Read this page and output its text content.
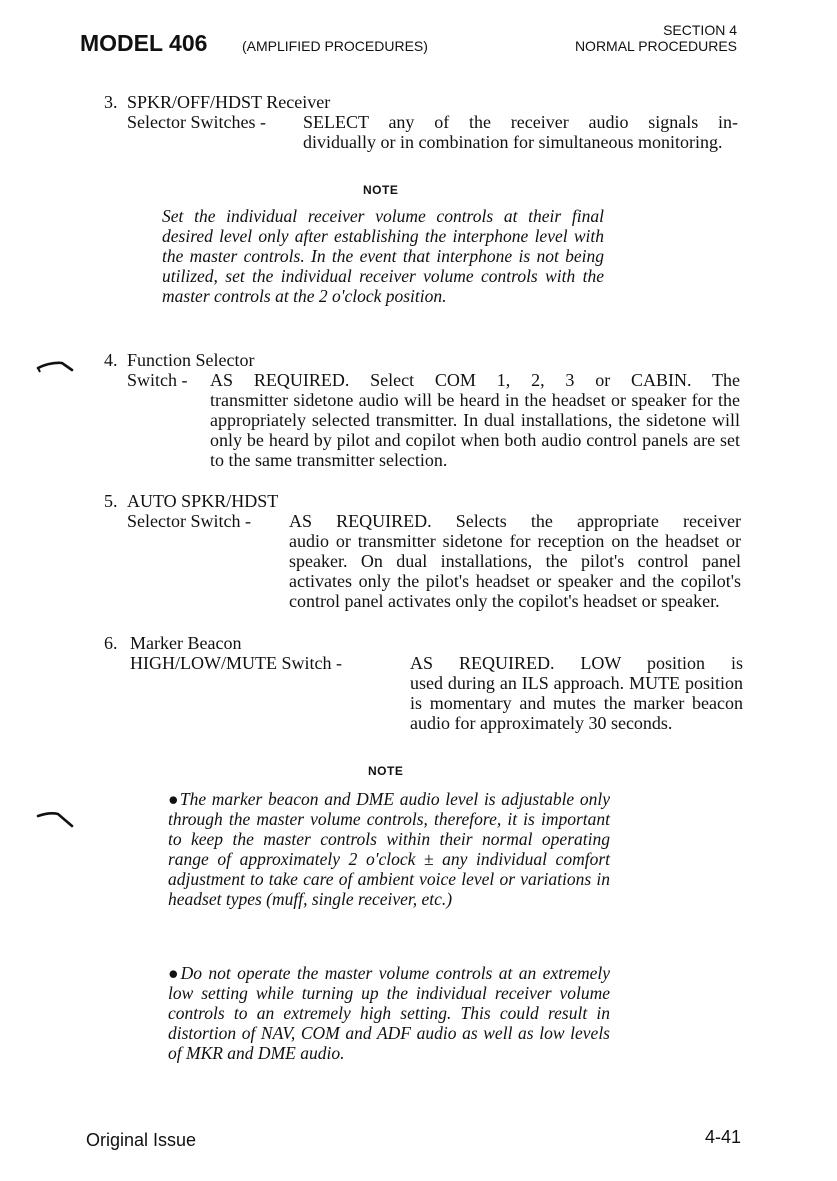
MODEL 406 (AMPLIFIED PROCEDURES)
SECTION 4
NORMAL PROCEDURES
3. SPKR/OFF/HDST Receiver
Selector Switches - SELECT any of the receiver audio signals in-
dividually or in combination for simultaneous monitoring.
NOTE
Set the individual receiver volume controls at their final desired level only after establishing the interphone level with the master controls. In the event that interphone is not being utilized, set the individual receiver volume controls with the master controls at the 2 o'clock position.
4. Function Selector
Switch - AS REQUIRED. Select COM 1, 2, 3 or CABIN. The
transmitter sidetone audio will be heard in the headset or speaker for the appropriately selected transmitter. In dual installations, the sidetone will only be heard by pilot and copilot when both audio control panels are set to the same transmitter selection.
5. AUTO SPKR/HDST
Selector Switch - AS REQUIRED. Selects the appropriate receiver
audio or transmitter sidetone for reception on the headset or speaker. On dual installations, the pilot's control panel activates only the pilot's headset or speaker and the copilot's control panel activates only the copilot's headset or speaker.
6. Marker Beacon
HIGH/LOW/MUTE Switch -	AS REQUIRED. LOW position is
used during an ILS approach. MUTE position is momentary and mutes the marker beacon audio for approximately 30 seconds.
NOTE
●The marker beacon and DME audio level is adjustable only through the master volume controls, therefore, it is important to keep the master controls within their normal operating range of approximately 2 o'clock ± any individual comfort adjustment to take care of ambient voice level or variations in headset types (muff, single receiver, etc.)
●Do not operate the master volume controls at an extremely low setting while turning up the individual receiver volume controls to an extremely high setting. This could result in distortion of NAV, COM and ADF audio as well as low levels of MKR and DME audio.
Original Issue	4-41
